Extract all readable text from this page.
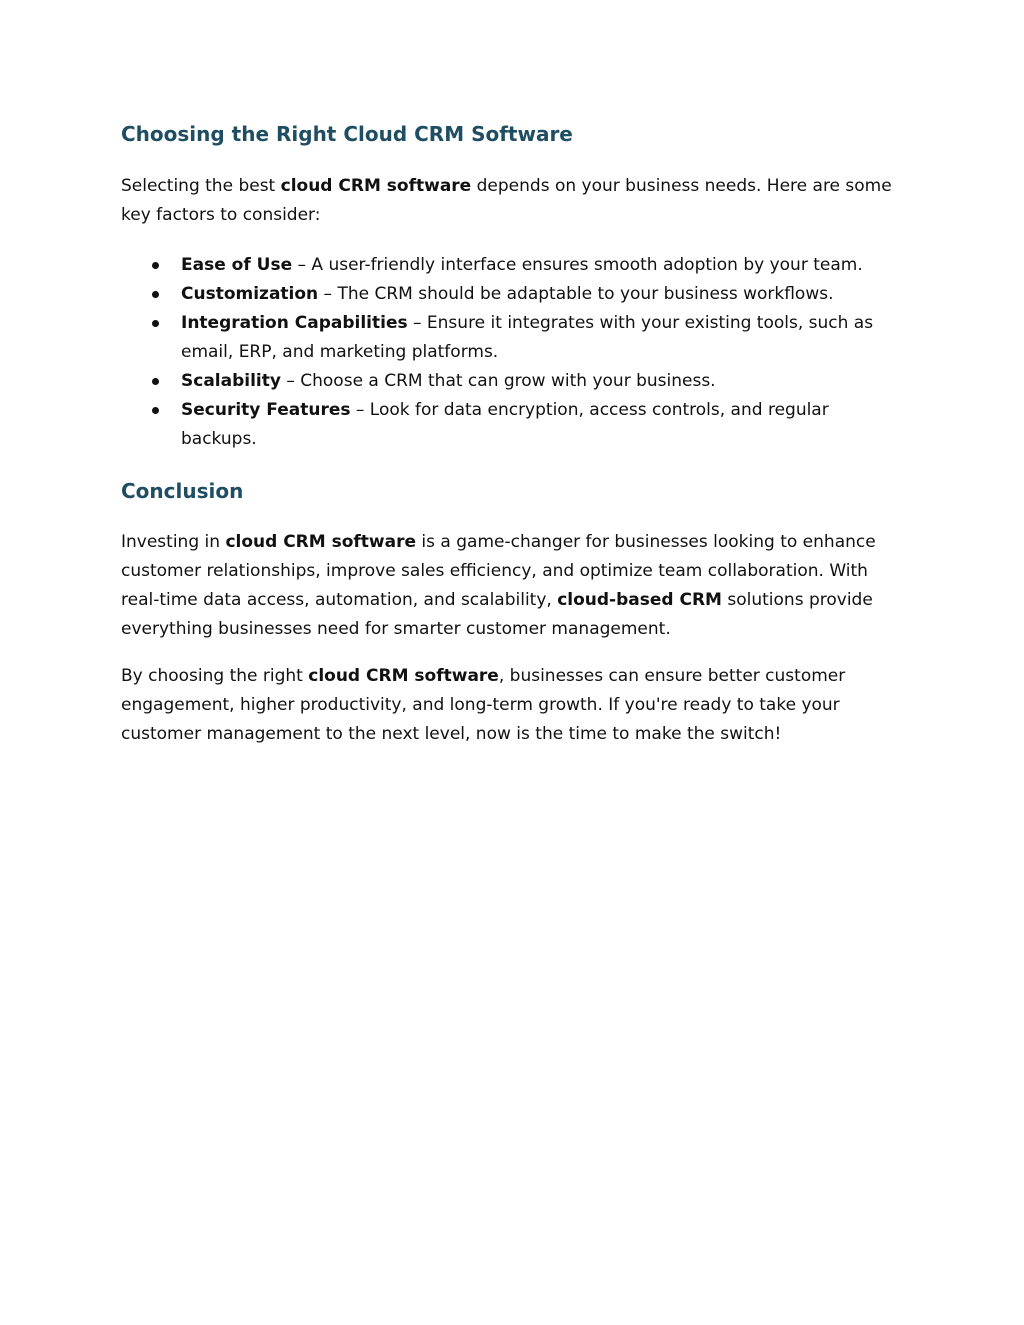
Choosing the Right Cloud CRM Software

Selecting the best cloud CRM software depends on your business needs. Here are some key factors to consider:

Ease of Use – A user-friendly interface ensures smooth adoption by your team.
Customization – The CRM should be adaptable to your business workflows.
Integration Capabilities – Ensure it integrates with your existing tools, such as email, ERP, and marketing platforms.
Scalability – Choose a CRM that can grow with your business.
Security Features – Look for data encryption, access controls, and regular backups.
Conclusion

Investing in cloud CRM software is a game-changer for businesses looking to enhance customer relationships, improve sales efficiency, and optimize team collaboration. With real-time data access, automation, and scalability, cloud-based CRM solutions provide everything businesses need for smarter customer management.

By choosing the right cloud CRM software, businesses can ensure better customer engagement, higher productivity, and long-term growth. If you're ready to take your customer management to the next level, now is the time to make the switch!
